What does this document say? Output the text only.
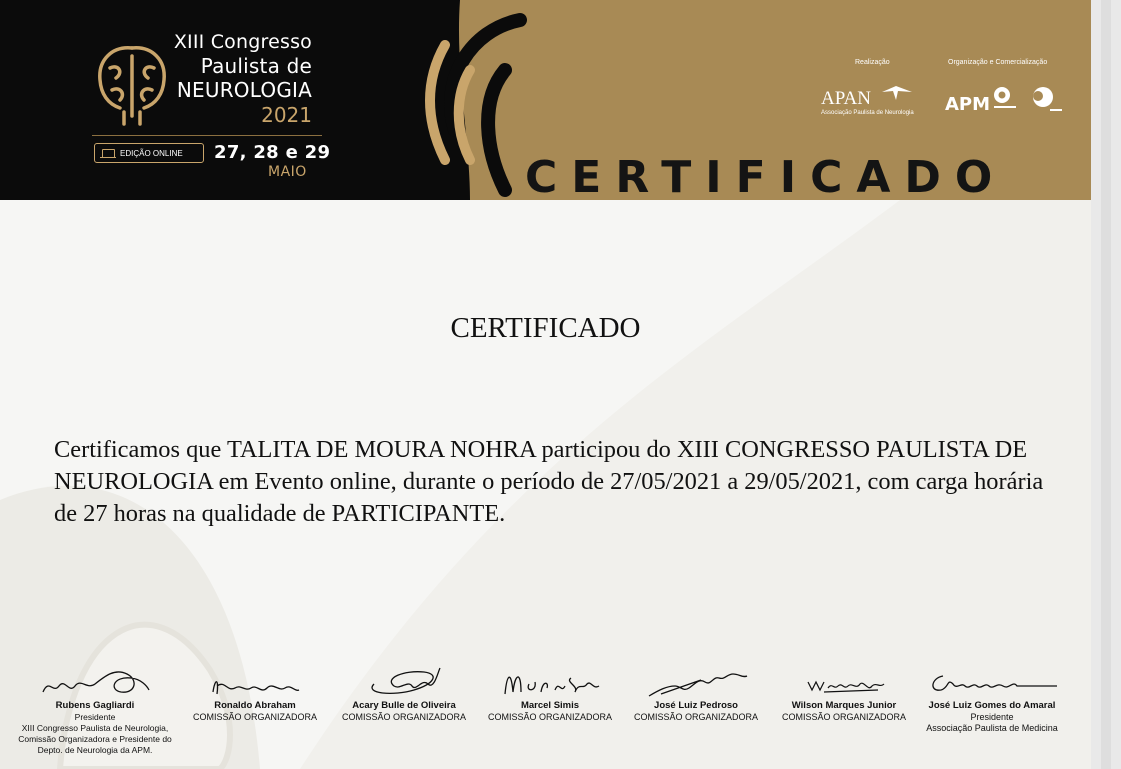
XIII Congresso
Paulista de
NEUROLOGIA
2021
EDIÇÃO ONLINE 27, 28 e 29
MAIO
Realização	Organização e Comercialização
APAN
Associação Paulista de Neurologia APM
CERTIFICADO
CERTIFICADO
Certificamos que TALITA DE MOURA NOHRA participou do XIII CONGRESSO PAULISTA DE NEUROLOGIA em Evento online, durante o período de 27/05/2021 a 29/05/2021, com carga horária de 27 horas na qualidade de PARTICIPANTE.
Rubens Gagliardi
Presidente
XIII Congresso Paulista de Neurologia,
Comissão Organizadora e Presidente do
Depto. de Neurologia da APM.
Ronaldo Abraham
COMISSÃO ORGANIZADORA
Acary Bulle de Oliveira
COMISSÃO ORGANIZADORA
Marcel Simis
COMISSÃO ORGANIZADORA
José Luiz Pedroso
COMISSÃO ORGANIZADORA
Wilson Marques Junior
COMISSÃO ORGANIZADORA
José Luiz Gomes do Amaral
Presidente
Associação Paulista de Medicina
